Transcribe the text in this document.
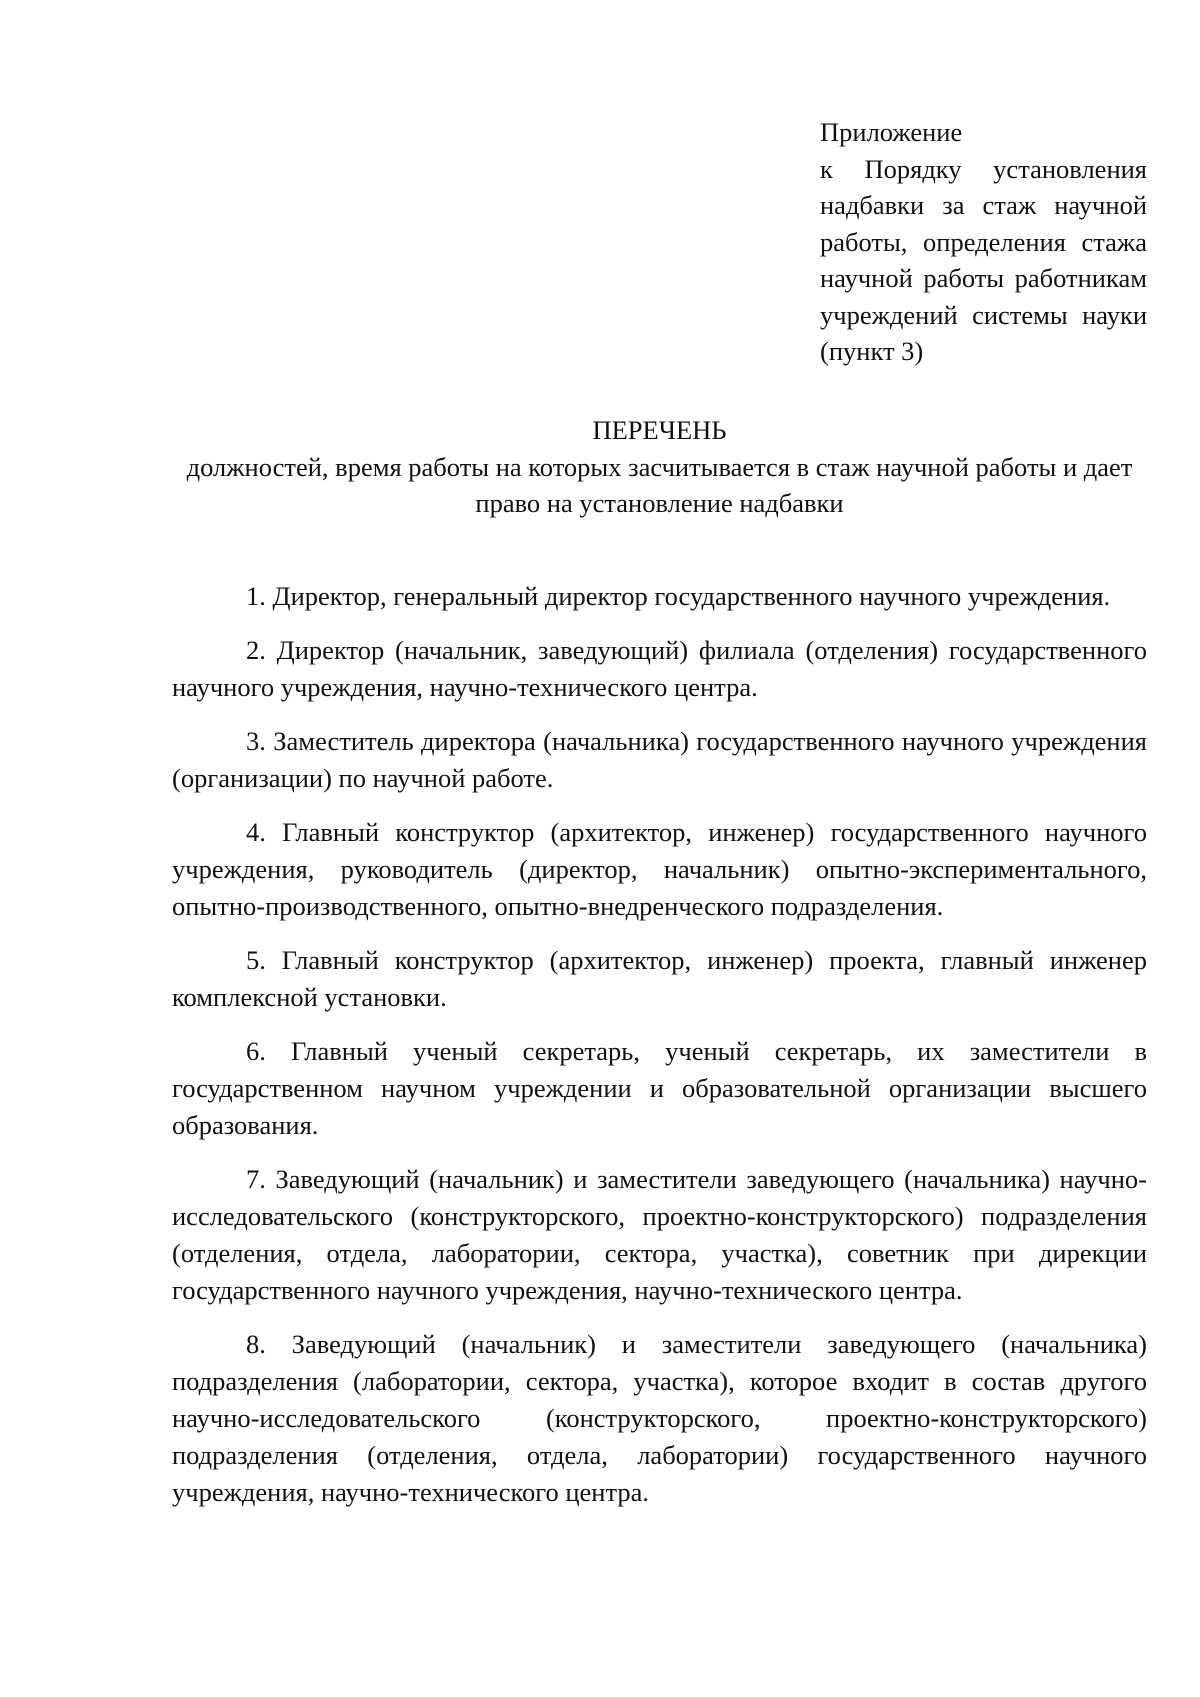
Приложение
к Порядку установления надбавки за стаж научной работы, определения стажа научной работы работникам учреждений системы науки (пункт 3)
ПЕРЕЧЕНЬ
должностей, время работы на которых засчитывается в стаж научной работы и дает право на установление надбавки

1. Директор, генеральный директор государственного научного учреждения.

2. Директор (начальник, заведующий) филиала (отделения) государственного научного учреждения, научно-технического центра.

3. Заместитель директора (начальника) государственного научного учреждения (организации) по научной работе.

4. Главный конструктор (архитектор, инженер) государственного научного учреждения, руководитель (директор, начальник) опытно-экспериментального, опытно-производственного, опытно-внедренческого подразделения.

5. Главный конструктор (архитектор, инженер) проекта, главный инженер комплексной установки.

6. Главный ученый секретарь, ученый секретарь, их заместители в государственном научном учреждении и образовательной организации высшего образования.

7. Заведующий (начальник) и заместители заведующего (начальника) научно-исследовательского (конструкторского, проектно-конструкторского) подразделения (отделения, отдела, лаборатории, сектора, участка), советник при дирекции государственного научного учреждения, научно-технического центра.

8. Заведующий (начальник) и заместители заведующего (начальника) подразделения (лаборатории, сектора, участка), которое входит в состав другого научно-исследовательского (конструкторского, проектно-конструкторского) подразделения (отделения, отдела, лаборатории) государственного научного учреждения, научно-технического центра.
